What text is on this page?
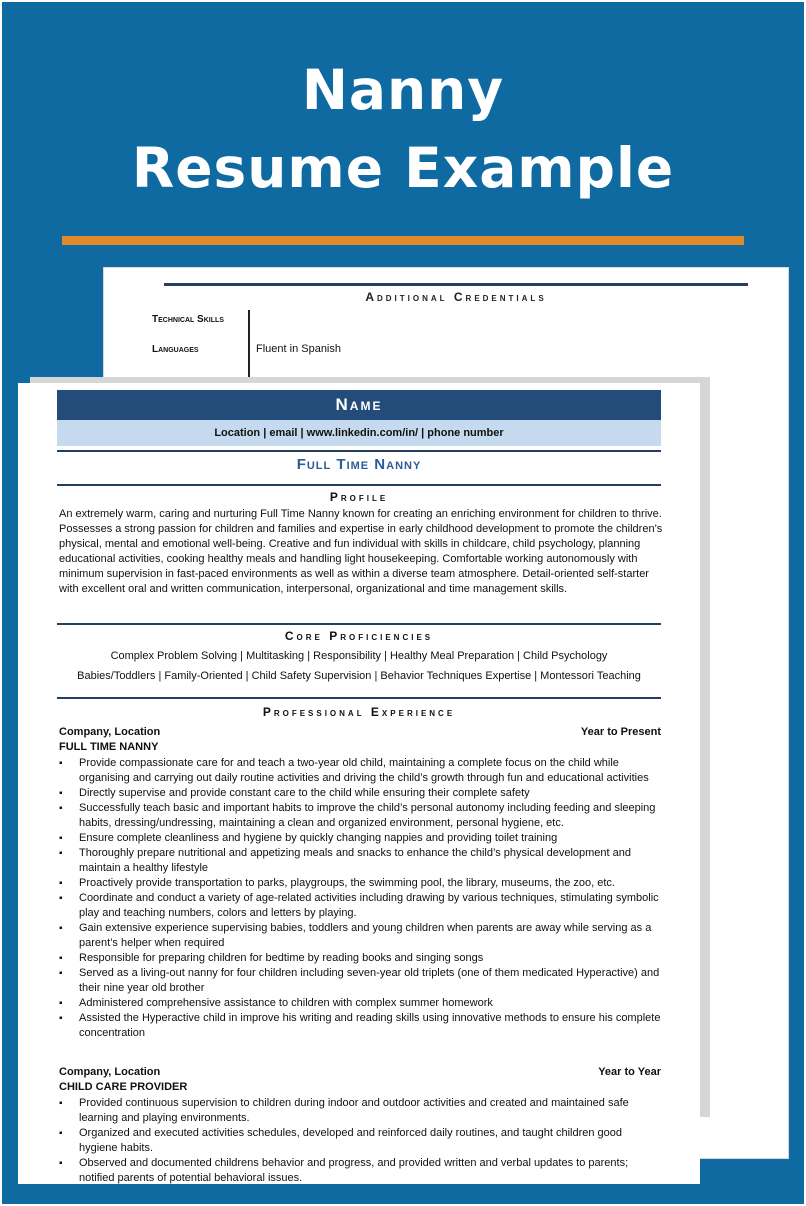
Nanny
Resume Example
Additional Credentials
Technical Skills
Languages	Fluent in Spanish
Name
Location | email | www.linkedin.com/in/ | phone number
Full Time Nanny
Profile
An extremely warm, caring and nurturing Full Time Nanny known for creating an enriching environment for children to thrive. Possesses a strong passion for children and families and expertise in early childhood development to promote the children’s physical, mental and emotional well-being. Creative and fun individual with skills in childcare, child psychology, planning educational activities, cooking healthy meals and handling light housekeeping. Comfortable working autonomously with minimum supervision in fast-paced environments as well as within a diverse team atmosphere. Detail-oriented self-starter with excellent oral and written communication, interpersonal, organizational and time management skills.
Core Proficiencies
Complex Problem Solving | Multitasking | Responsibility | Healthy Meal Preparation | Child Psychology
Babies/Toddlers | Family-Oriented | Child Safety Supervision | Behavior Techniques Expertise | Montessori Teaching
Professional Experience
Company, Location	Year to Present
FULL TIME NANNY
▪ Provide compassionate care for and teach a two-year old child, maintaining a complete focus on the child while organising and carrying out daily routine activities and driving the child’s growth through fun and educational activities
▪ Directly supervise and provide constant care to the child while ensuring their complete safety
▪ Successfully teach basic and important habits to improve the child’s personal autonomy including feeding and sleeping habits, dressing/undressing, maintaining a clean and organized environment, personal hygiene, etc.
▪ Ensure complete cleanliness and hygiene by quickly changing nappies and providing toilet training
▪ Thoroughly prepare nutritional and appetizing meals and snacks to enhance the child’s physical development and maintain a healthy lifestyle
▪ Proactively provide transportation to parks, playgroups, the swimming pool, the library, museums, the zoo, etc.
▪ Coordinate and conduct a variety of age-related activities including drawing by various techniques, stimulating symbolic play and teaching numbers, colors and letters by playing.
▪ Gain extensive experience supervising babies, toddlers and young children when parents are away while serving as a parent’s helper when required
▪ Responsible for preparing children for bedtime by reading books and singing songs
▪ Served as a living-out nanny for four children including seven-year old triplets (one of them medicated Hyperactive) and their nine year old brother
▪ Administered comprehensive assistance to children with complex summer homework
▪ Assisted the Hyperactive child in improve his writing and reading skills using innovative methods to ensure his complete concentration
Company, Location	Year to Year
CHILD CARE PROVIDER
▪ Provided continuous supervision to children during indoor and outdoor activities and created and maintained safe learning and playing environments.
▪ Organized and executed activities schedules, developed and reinforced daily routines, and taught children good hygiene habits.
▪ Observed and documented childrens behavior and progress, and provided written and verbal updates to parents; notified parents of potential behavioral issues.
